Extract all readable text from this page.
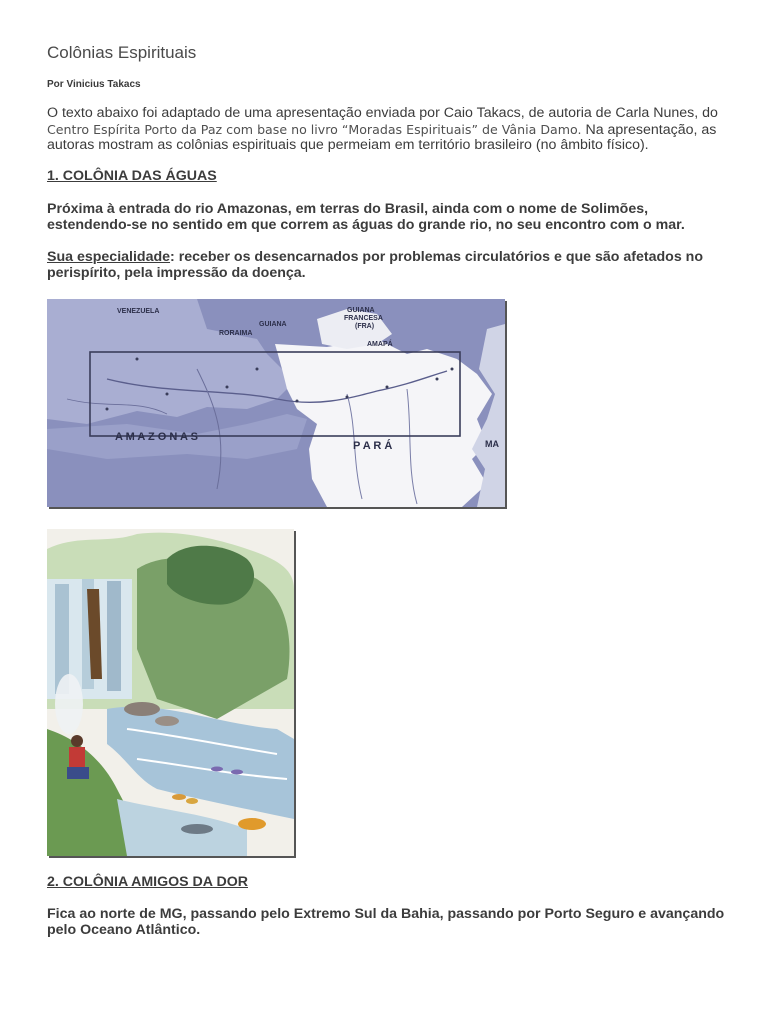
Colônias Espirituais
Por Vinicius Takacs
O texto abaixo foi adaptado de uma apresentação enviada por Caio Takacs, de autoria de Carla Nunes, do Centro Espírita Porto da Paz com base no livro “Moradas Espirituais” de Vânia Damo. Na apresentação, as autoras mostram as colônias espirituais que permeiam em território brasileiro (no âmbito físico).
1. COLÔNIA DAS ÁGUAS
Próxima à entrada do rio Amazonas, em terras do Brasil, ainda com o nome de Solimões, estendendo-se no sentido em que correm as águas do grande rio, no seu encontro com o mar.
Sua especialidade: receber os desencarnados por problemas circulatórios e que são afetados no perispírito, pela impressão da doença.
VENEZUELA
RORAIMA
GUIANA
GUIANA
FRANCESA
(FRA)
AMAPÁ
A M A Z O N A S
P A R Á	MA
2. COLÔNIA AMIGOS DA DOR
Fica ao norte de MG, passando pelo Extremo Sul da Bahia, passando por Porto Seguro e avançando pelo Oceano Atlântico.
